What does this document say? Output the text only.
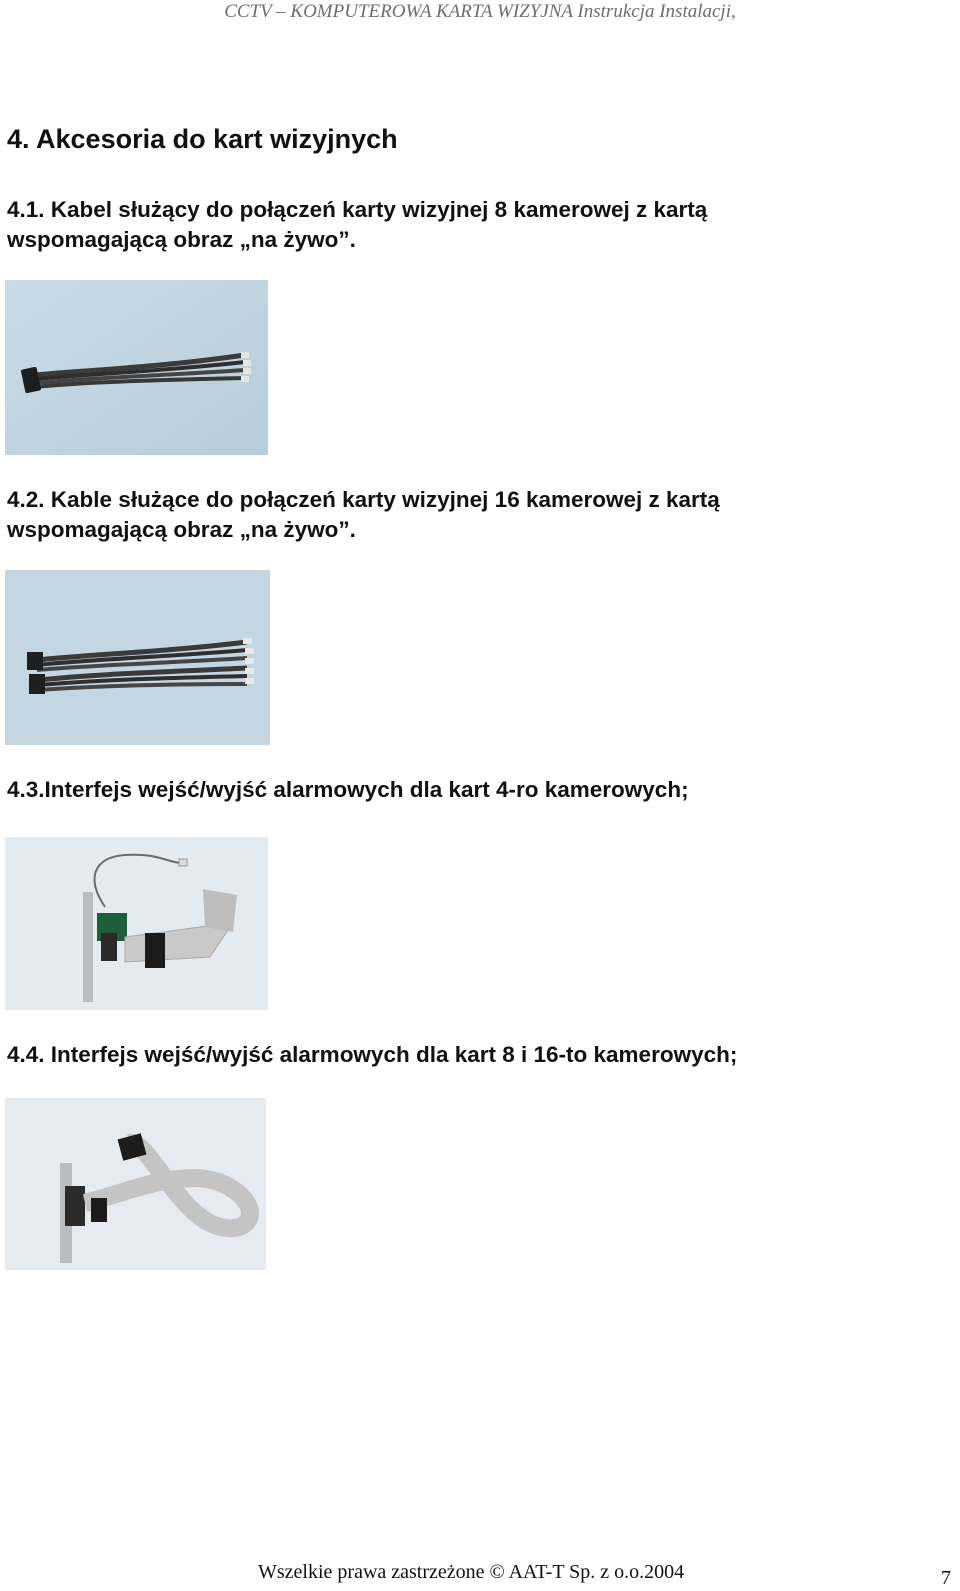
CCTV – KOMPUTEROWA KARTA WIZYJNA Instrukcja Instalacji,
4. Akcesoria do kart wizyjnych
4.1. Kabel służący do połączeń karty wizyjnej 8 kamerowej z kartą
wspomagającą obraz „na żywo”.
4.2. Kable służące do połączeń karty wizyjnej 16 kamerowej z kartą
wspomagającą obraz „na żywo”.
4.3.Interfejs wejść/wyjść alarmowych dla kart 4-ro kamerowych;
4.4. Interfejs wejść/wyjść alarmowych dla kart 8 i 16-to kamerowych;
Wszelkie prawa zastrzeżone © AAT-T Sp. z o.o.2004	7
